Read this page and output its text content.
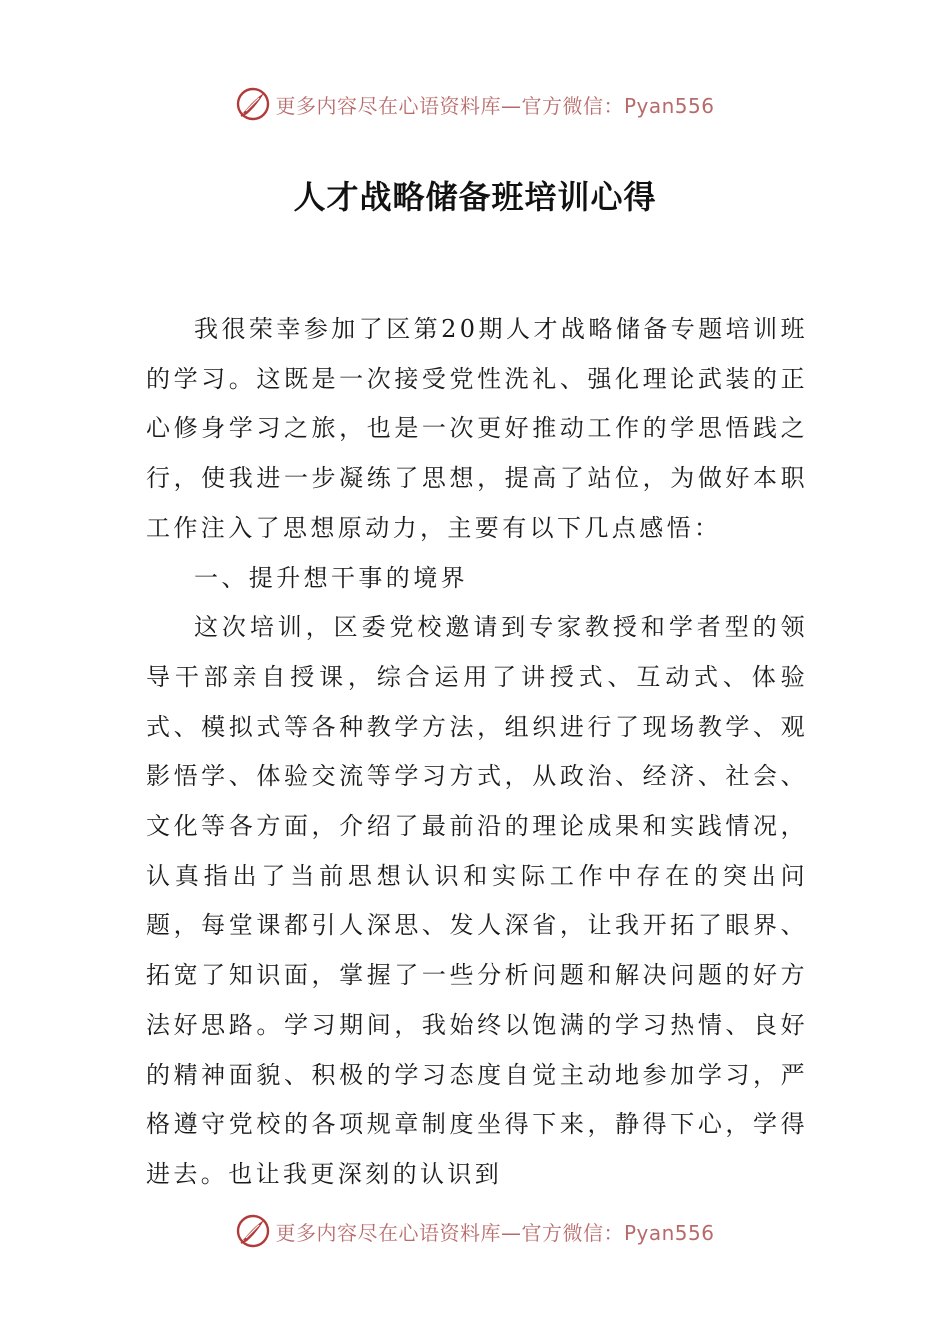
更多内容尽在心语资料库—官方微信：Pyan556
人才战略储备班培训心得

我很荣幸参加了区第20期人才战略储备专题培训班的学习。这既是一次接受党性洗礼、强化理论武装的正心修身学习之旅，也是一次更好推动工作的学思悟践之行，使我进一步凝练了思想，提高了站位，为做好本职工作注入了思想原动力，主要有以下几点感悟：

一、提升想干事的境界

这次培训，区委党校邀请到专家教授和学者型的领导干部亲自授课，综合运用了讲授式、互动式、体验式、模拟式等各种教学方法，组织进行了现场教学、观影悟学、体验交流等学习方式，从政治、经济、社会、文化等各方面，介绍了最前沿的理论成果和实践情况，认真指出了当前思想认识和实际工作中存在的突出问题，每堂课都引人深思、发人深省，让我开拓了眼界、拓宽了知识面，掌握了一些分析问题和解决问题的好方法好思路。学习期间，我始终以饱满的学习热情、良好的精神面貌、积极的学习态度自觉主动地参加学习，严格遵守党校的各项规章制度坐得下来，静得下心，学得进去。也让我更深刻的认识到

更多内容尽在心语资料库—官方微信：Pyan556
